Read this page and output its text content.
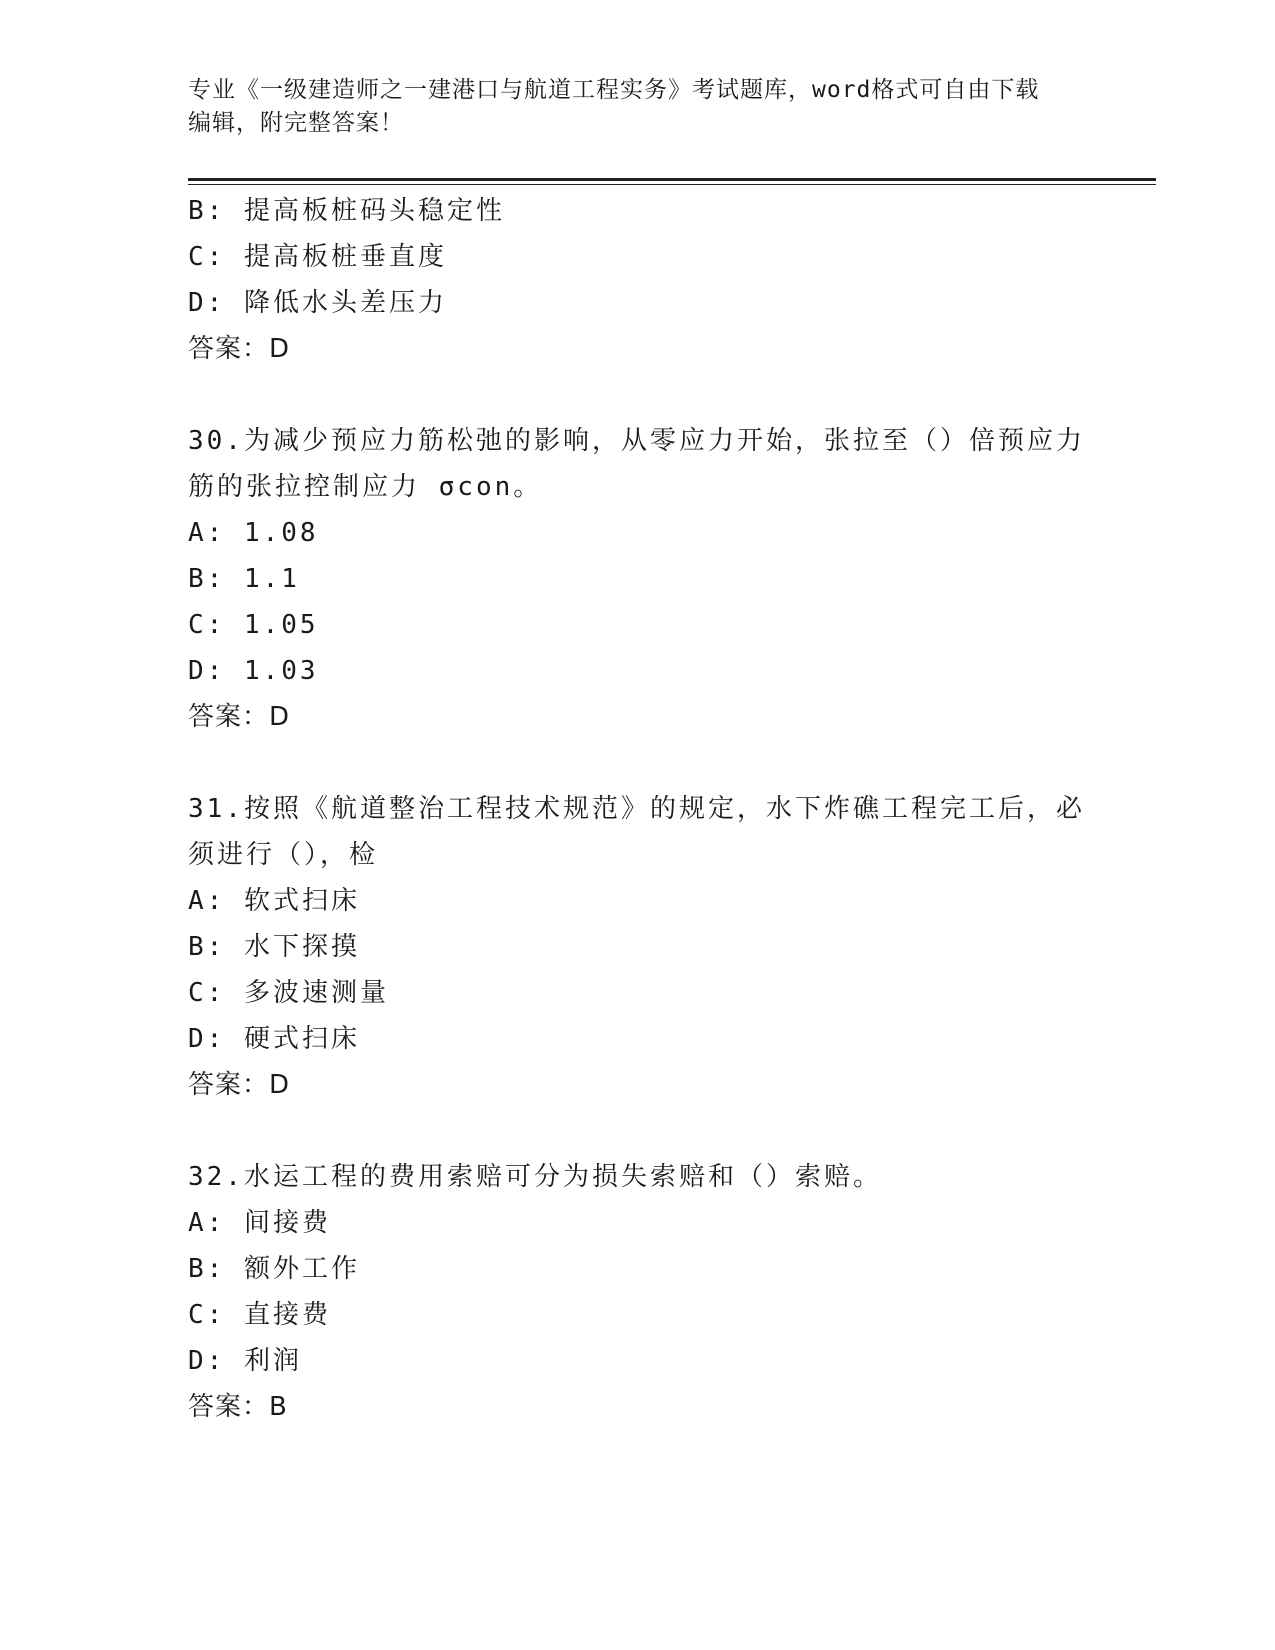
专业《一级建造师之一建港口与航道工程实务》考试题库，word格式可自由下载
编辑，附完整答案！
B: 提高板桩码头稳定性
C: 提高板桩垂直度
D: 降低水头差压力
答案：D
30.为减少预应力筋松弛的影响，从零应力开始，张拉至（）倍预应力
筋的张拉控制应力 σcon。
A: 1.08
B: 1.1
C: 1.05
D: 1.03
答案：D
31.按照《航道整治工程技术规范》的规定，水下炸礁工程完工后，必
须进行（），检
A: 软式扫床
B: 水下探摸
C: 多波速测量
D: 硬式扫床
答案：D
32.水运工程的费用索赔可分为损失索赔和（）索赔。
A: 间接费
B: 额外工作
C: 直接费
D: 利润
答案：B
